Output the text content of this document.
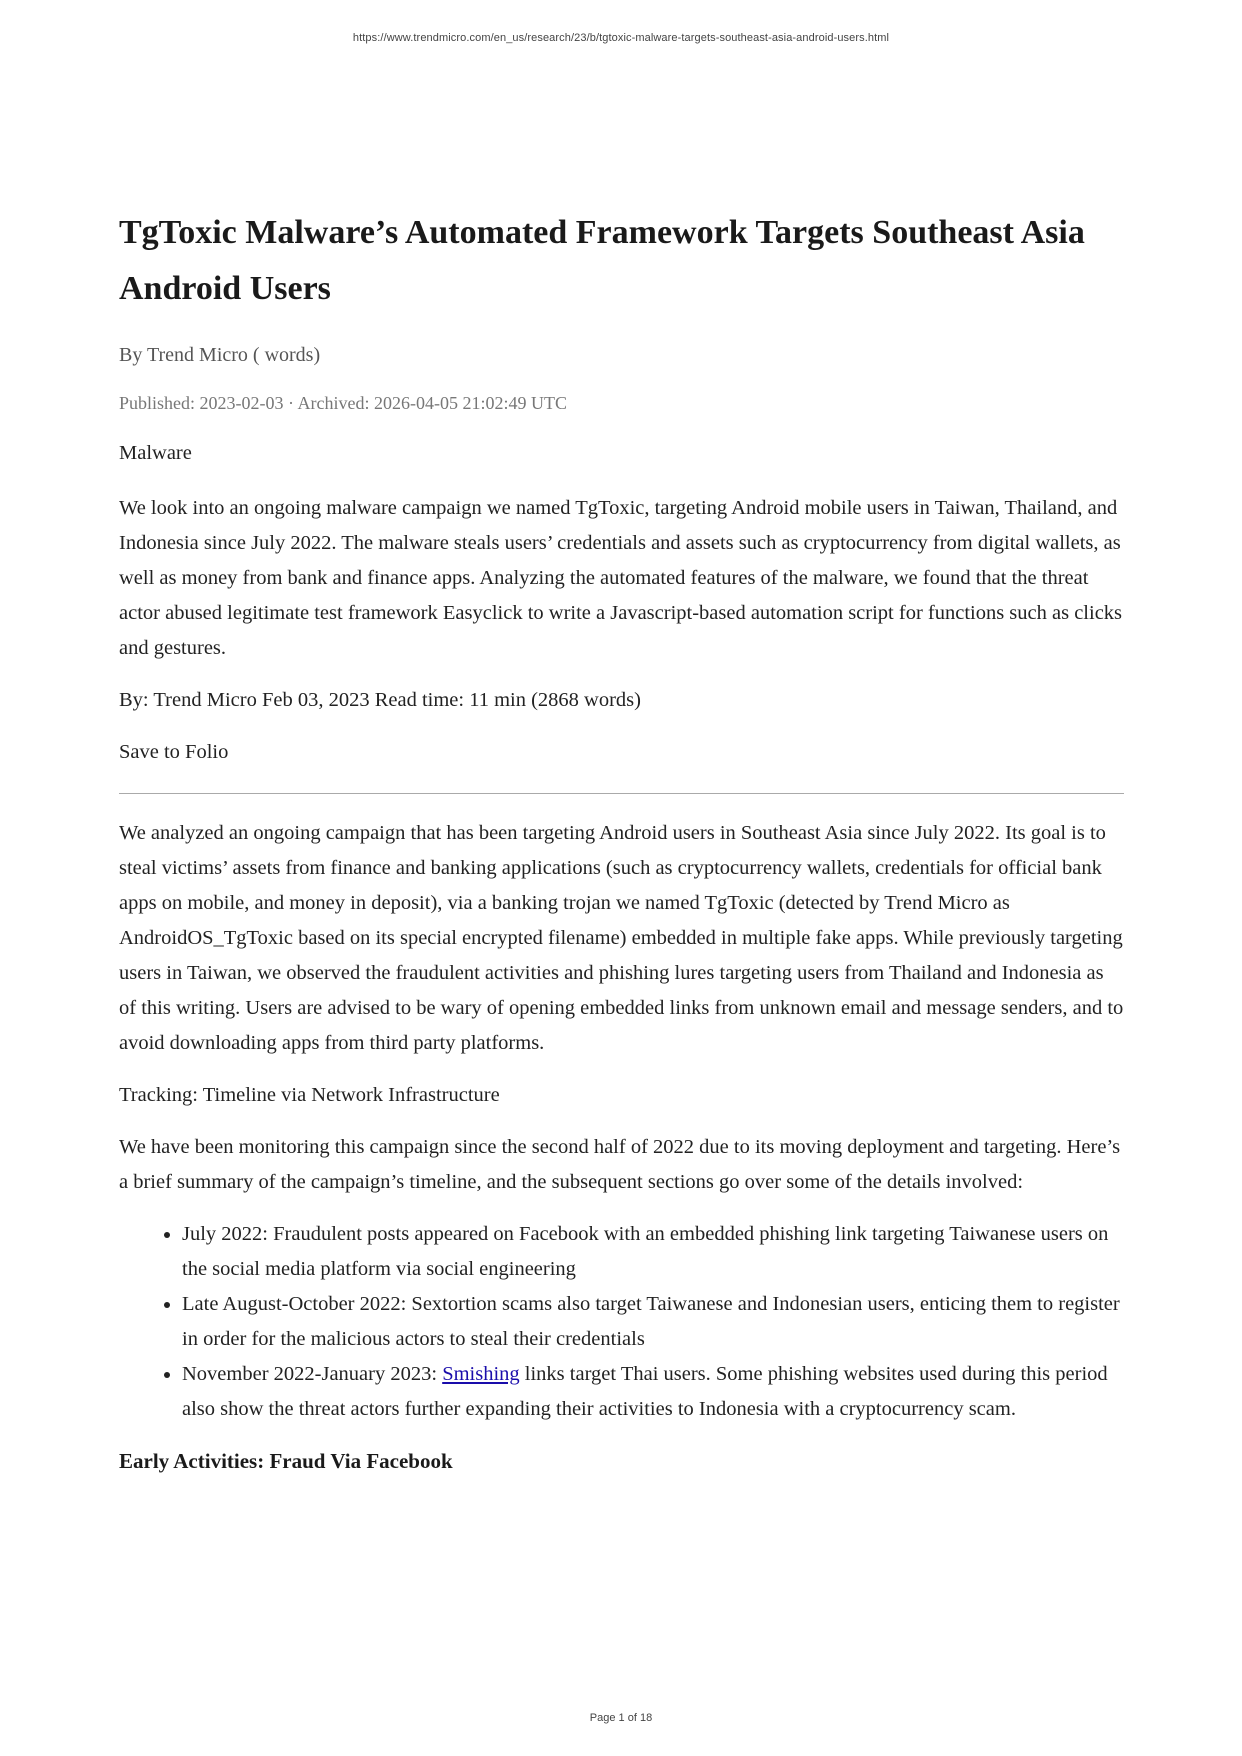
https://www.trendmicro.com/en_us/research/23/b/tgtoxic-malware-targets-southeast-asia-android-users.html
TgToxic Malware’s Automated Framework Targets Southeast Asia Android Users
By Trend Micro ( words)
Published: 2023-02-03 · Archived: 2026-04-05 21:02:49 UTC

Malware

We look into an ongoing malware campaign we named TgToxic, targeting Android mobile users in Taiwan, Thailand, and Indonesia since July 2022. The malware steals users’ credentials and assets such as cryptocurrency from digital wallets, as well as money from bank and finance apps. Analyzing the automated features of the malware, we found that the threat actor abused legitimate test framework Easyclick to write a Javascript-based automation script for functions such as clicks and gestures.

By: Trend Micro Feb 03, 2023 Read time: 11 min (2868 words)

Save to Folio

We analyzed an ongoing campaign that has been targeting Android users in Southeast Asia since July 2022. Its goal is to steal victims’ assets from finance and banking applications (such as cryptocurrency wallets, credentials for official bank apps on mobile, and money in deposit), via a banking trojan we named TgToxic (detected by Trend Micro as AndroidOS_TgToxic based on its special encrypted filename) embedded in multiple fake apps. While previously targeting users in Taiwan, we observed the fraudulent activities and phishing lures targeting users from Thailand and Indonesia as of this writing. Users are advised to be wary of opening embedded links from unknown email and message senders, and to avoid downloading apps from third party platforms.

Tracking: Timeline via Network Infrastructure

We have been monitoring this campaign since the second half of 2022 due to its moving deployment and targeting. Here’s a brief summary of the campaign’s timeline, and the subsequent sections go over some of the details involved:

• July 2022: Fraudulent posts appeared on Facebook with an embedded phishing link targeting Taiwanese users on the social media platform via social engineering
• Late August-October 2022: Sextortion scams also target Taiwanese and Indonesian users, enticing them to register in order for the malicious actors to steal their credentials
• November 2022-January 2023: Smishing links target Thai users. Some phishing websites used during this period also show the threat actors further expanding their activities to Indonesia with a cryptocurrency scam.
Early Activities: Fraud Via Facebook
Page 1 of 18
